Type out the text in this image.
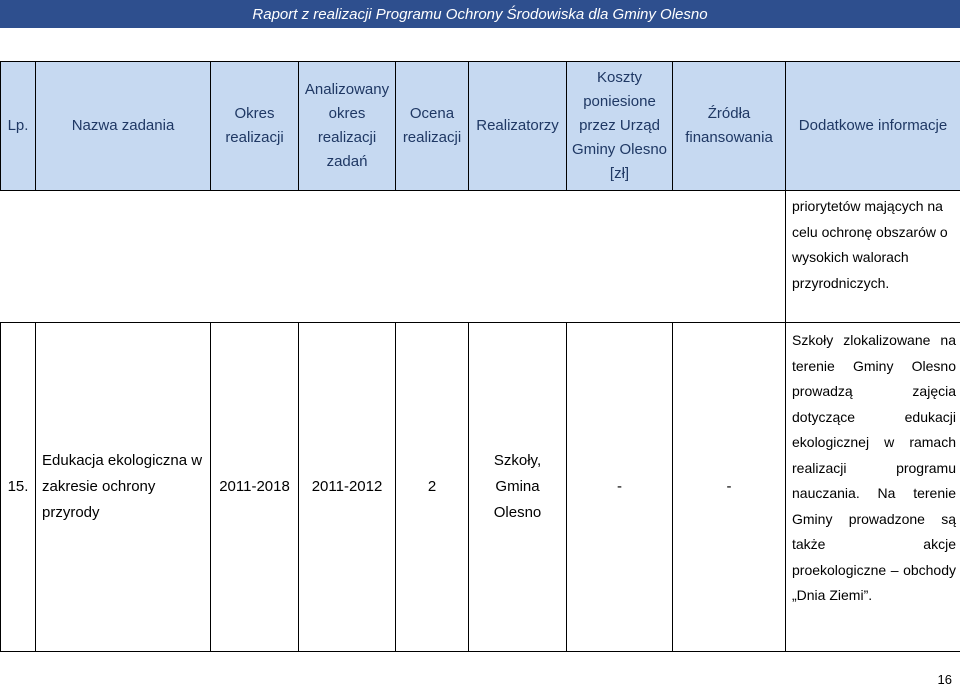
Raport z realizacji Programu Ochrony Środowiska dla Gminy Olesno
Lp.	Nazwa zadania	Okres realizacji	Analizowany okres realizacji zadań	Ocena realizacji	Realizatorzy	Koszty poniesione przez Urząd Gminy Olesno [zł]	Źródła finansowania	Dodatkowe informacje

								priorytetów mających na celu ochronę obszarów o wysokich walorach przyrodniczych.

15.	Edukacja ekologiczna w zakresie ochrony przyrody	2011-2018	2011-2012	2	Szkoły, Gmina Olesno	-	-	Szkoły zlokalizowane na terenie Gminy Olesno prowadzą zajęcia dotyczące edukacji ekologicznej w ramach realizacji programu nauczania. Na terenie Gminy prowadzone są także akcje proekologiczne – obchody „Dnia Ziemi”.
16
